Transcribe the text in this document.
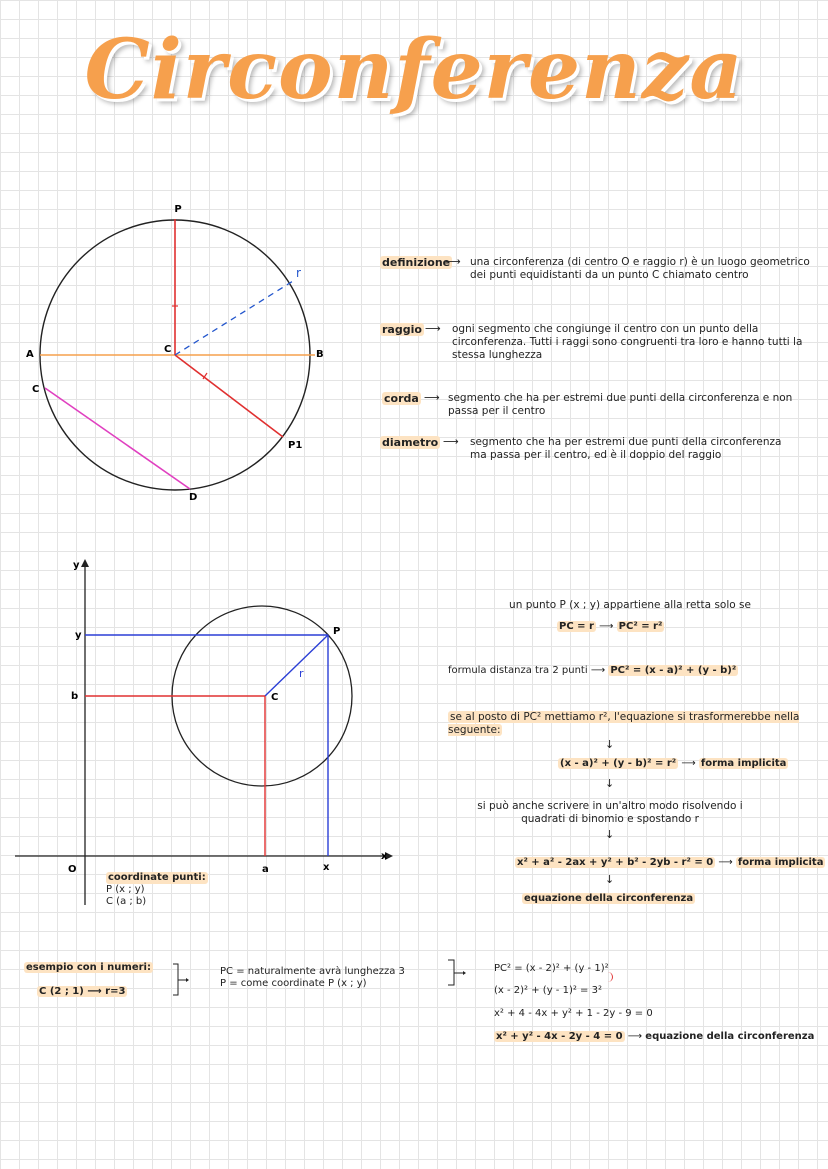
Circonferenza
P
r
A	C	B
C
P1
D
definizione
⟶ una circonferenza (di centro O e raggio r) è un luogo geometrico dei punti equidistanti da un punto C chiamato centro
raggio ⟶ ogni segmento che congiunge il centro con un punto della circonferenza. Tutti i raggi sono congruenti tra loro e hanno tutti la stessa lunghezza
corda ⟶ segmento che ha per estremi due punti della circonferenza e non passa per il centro
diametro ⟶ segmento che ha per estremi due punti della circonferenza ma passa per il centro, ed è il doppio del raggio
y
x
y
b
O	a	x
C
P
r
coordinate punti:
P (x ; y)
C (a ; b)
un punto P (x ; y) appartiene alla retta solo se
PC = r ⟶ PC² = r²
formula distanza tra 2 punti ⟶ PC² = (x - a)² + (y - b)²
se al posto di PC² mettiamo r², l'equazione si trasformerebbe nella seguente:
↓
(x - a)² + (y - b)² = r² ⟶ forma implicita
↓
si può anche scrivere in un'altro modo risolvendo i quadrati di binomio e spostando r
↓
x² + a² - 2ax + y² + b² - 2yb - r² = 0 ⟶ forma implicita
↓
equazione della circonferenza
esempio con i numeri:
C (2 ; 1) ⟶ r=3
PC = naturalmente avrà lunghezza 3
P = come coordinate P (x ; y)
PC² = (x - 2)² + (y - 1)²
(x - 2)² + (y - 1)² = 3²
x² + 4 - 4x + y² + 1 - 2y - 9 = 0
x² + y² - 4x - 2y - 4 = 0 ⟶ equazione della circonferenza
